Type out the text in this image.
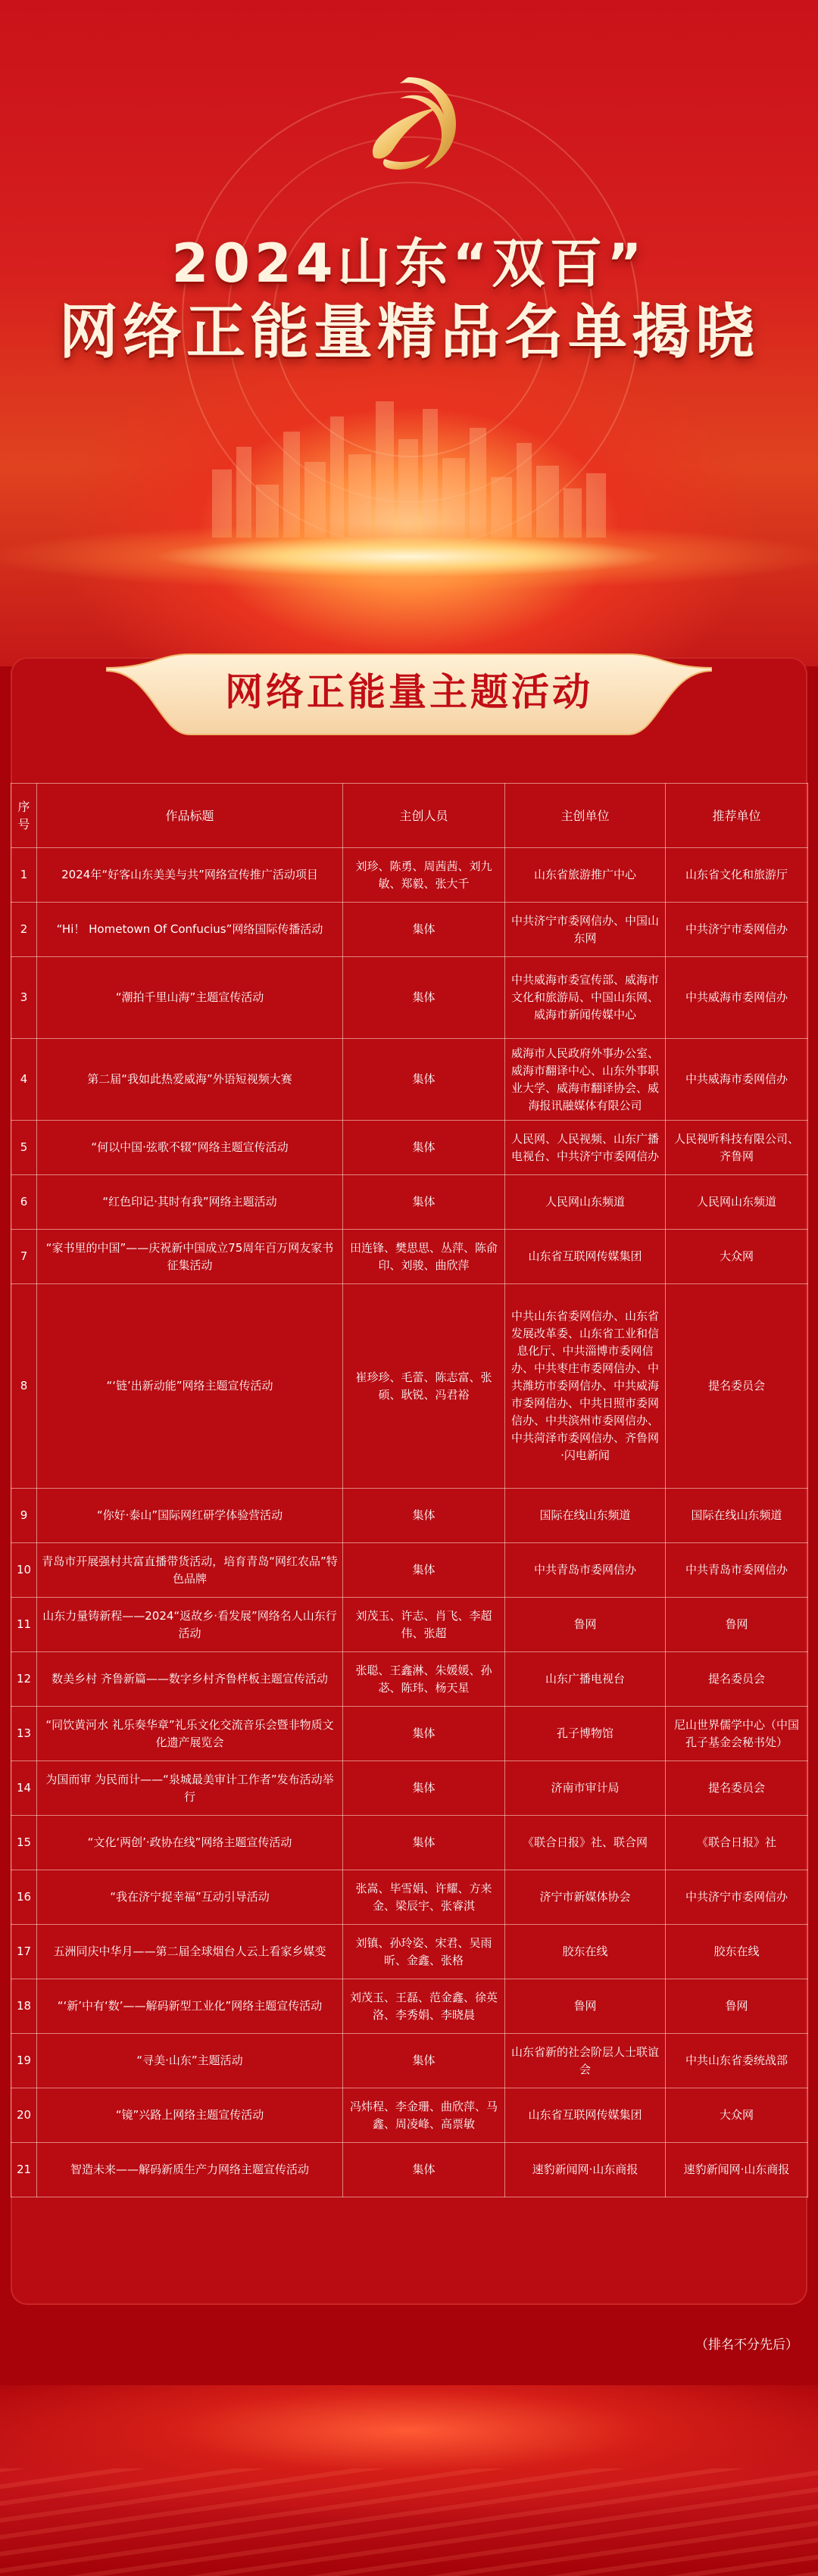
2024山东“双百”
网络正能量精品名单揭晓
网络正能量主题活动
序号	作品标题	主创人员	主创单位	推荐单位
1	2024年“好客山东美美与共”网络宣传推广活动项目	刘珍、陈勇、周茜茜、刘九敏、郑毅、张大千	山东省旅游推广中心	山东省文化和旅游厅
2	“Hi！ Hometown Of Confucius”网络国际传播活动	集体	中共济宁市委网信办、中国山东网	中共济宁市委网信办
3	“潮拍千里山海”主题宣传活动	集体	中共威海市委宣传部、威海市文化和旅游局、中国山东网、威海市新闻传媒中心	中共威海市委网信办
4	第二届“我如此热爱威海”外语短视频大赛	集体	威海市人民政府外事办公室、威海市翻译中心、山东外事职业大学、威海市翻译协会、威海报讯融媒体有限公司	中共威海市委网信办
5	“何以中国·弦歌不辍”网络主题宣传活动	集体	人民网、人民视频、山东广播电视台、中共济宁市委网信办	人民视听科技有限公司、齐鲁网
6	“红色印记·其时有我”网络主题活动	集体	人民网山东频道	人民网山东频道
7	“家书里的中国”——庆祝新中国成立75周年百万网友家书征集活动	田连锋、樊思思、丛萍、陈俞印、刘骏、曲欣萍	山东省互联网传媒集团	大众网
8	“‘链’出新动能”网络主题宣传活动	崔珍珍、毛蕾、陈志富、张硕、耿锐、冯君裕	中共山东省委网信办、山东省发展改革委、山东省工业和信息化厅、中共淄博市委网信办、中共枣庄市委网信办、中共潍坊市委网信办、中共威海市委网信办、中共日照市委网信办、中共滨州市委网信办、中共菏泽市委网信办、齐鲁网·闪电新闻	提名委员会
9	“你好·泰山”国际网红研学体验营活动	集体	国际在线山东频道	国际在线山东频道
10	青岛市开展强村共富直播带货活动，培育青岛“网红农品”特色品牌	集体	中共青岛市委网信办	中共青岛市委网信办
11	山东力量铸新程——2024“返故乡·看发展”网络名人山东行活动	刘茂玉、许志、肖飞、李超伟、张超	鲁网	鲁网
12	数美乡村 齐鲁新篇——数字乡村齐鲁样板主题宣传活动	张聪、王鑫淋、朱媛媛、孙苾、陈玮、杨天星	山东广播电视台	提名委员会
13	“同饮黄河水 礼乐奏华章”礼乐文化交流音乐会暨非物质文化遗产展览会	集体	孔子博物馆	尼山世界儒学中心（中国孔子基金会秘书处）
14	为国而审 为民而计——“泉城最美审计工作者”发布活动举行	集体	济南市审计局	提名委员会
15	“文化‘两创’·政协在线”网络主题宣传活动	集体	《联合日报》社、联合网	《联合日报》社
16	“我在济宁捉幸福”互动引导活动	张嵩、毕雪娟、许耀、方来金、梁辰宇、张睿淇	济宁市新媒体协会	中共济宁市委网信办
17	五洲同庆中华月——第二届全球烟台人云上看家乡媒变	刘镇、孙玲姿、宋君、吴雨昕、金鑫、张格	胶东在线	胶东在线
18	“‘新’中有‘数’——解码新型工业化”网络主题宣传活动	刘茂玉、王磊、范金鑫、徐英洛、李秀娟、李晓晨	鲁网	鲁网
19	“寻美·山东”主题活动	集体	山东省新的社会阶层人士联谊会	中共山东省委统战部
20	“镜”兴路上网络主题宣传活动	冯炜程、李金珊、曲欣萍、马鑫、周凌峰、高票敏	山东省互联网传媒集团	大众网
21	智造未来——解码新质生产力网络主题宣传活动	集体	速豹新闻网·山东商报	速豹新闻网·山东商报
（排名不分先后）
